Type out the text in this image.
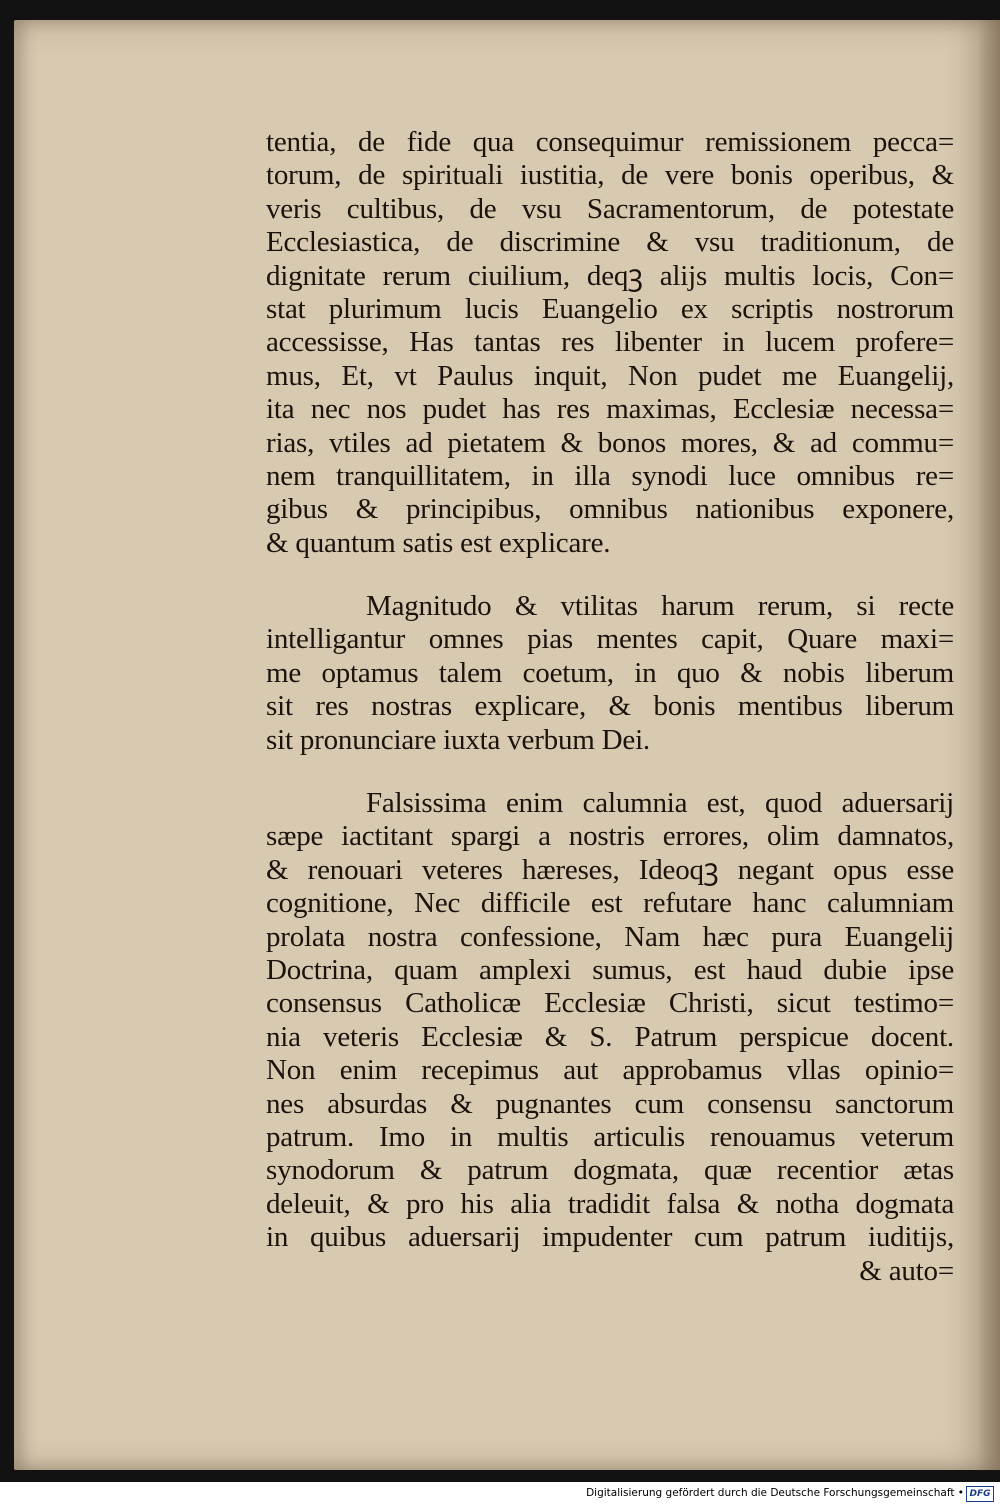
tentia, de fide qua consequimur remissionem pecca=
torum, de spirituali iustitia, de vere bonis operibus, &
veris cultibus, de vsu Sacramentorum, de potestate
Ecclesiastica, de discrimine & vsu traditionum, de
dignitate rerum ciuilium, deqꝫ alijs multis locis, Con=
stat plurimum lucis Euangelio ex scriptis nostrorum
accessisse, Has tantas res libenter in lucem profere=
mus, Et, vt Paulus inquit, Non pudet me Euangelij,
ita nec nos pudet has res maximas, Ecclesiæ necessa=
rias, vtiles ad pietatem & bonos mores, & ad commu=
nem tranquillitatem, in illa synodi luce omnibus re=
gibus & principibus, omnibus nationibus exponere,
& quantum satis est explicare.
Magnitudo & vtilitas harum rerum, si recte
intelligantur omnes pias mentes capit, Quare maxi=
me optamus talem coetum, in quo & nobis liberum
sit res nostras explicare, & bonis mentibus liberum
sit pronunciare iuxta verbum Dei.
Falsissima enim calumnia est, quod aduersarij
sæpe iactitant spargi a nostris errores, olim damnatos,
& renouari veteres hæreses, Ideoqꝫ negant opus esse
cognitione, Nec difficile est refutare hanc calumniam
prolata nostra confessione, Nam hæc pura Euangelij
Doctrina, quam amplexi sumus, est haud dubie ipse
consensus Catholicæ Ecclesiæ Christi, sicut testimo=
nia veteris Ecclesiæ & S. Patrum perspicue docent.
Non enim recepimus aut approbamus vllas opinio=
nes absurdas & pugnantes cum consensu sanctorum
patrum. Imo in multis articulis renouamus veterum
synodorum & patrum dogmata, quæ recentior ætas
deleuit, & pro his alia tradidit falsa & notha dogmata
in quibus aduersarij impudenter cum patrum iuditijs,
& auto=
Digitalisierung gefördert durch die Deutsche Forschungsgemeinschaft • DFG
